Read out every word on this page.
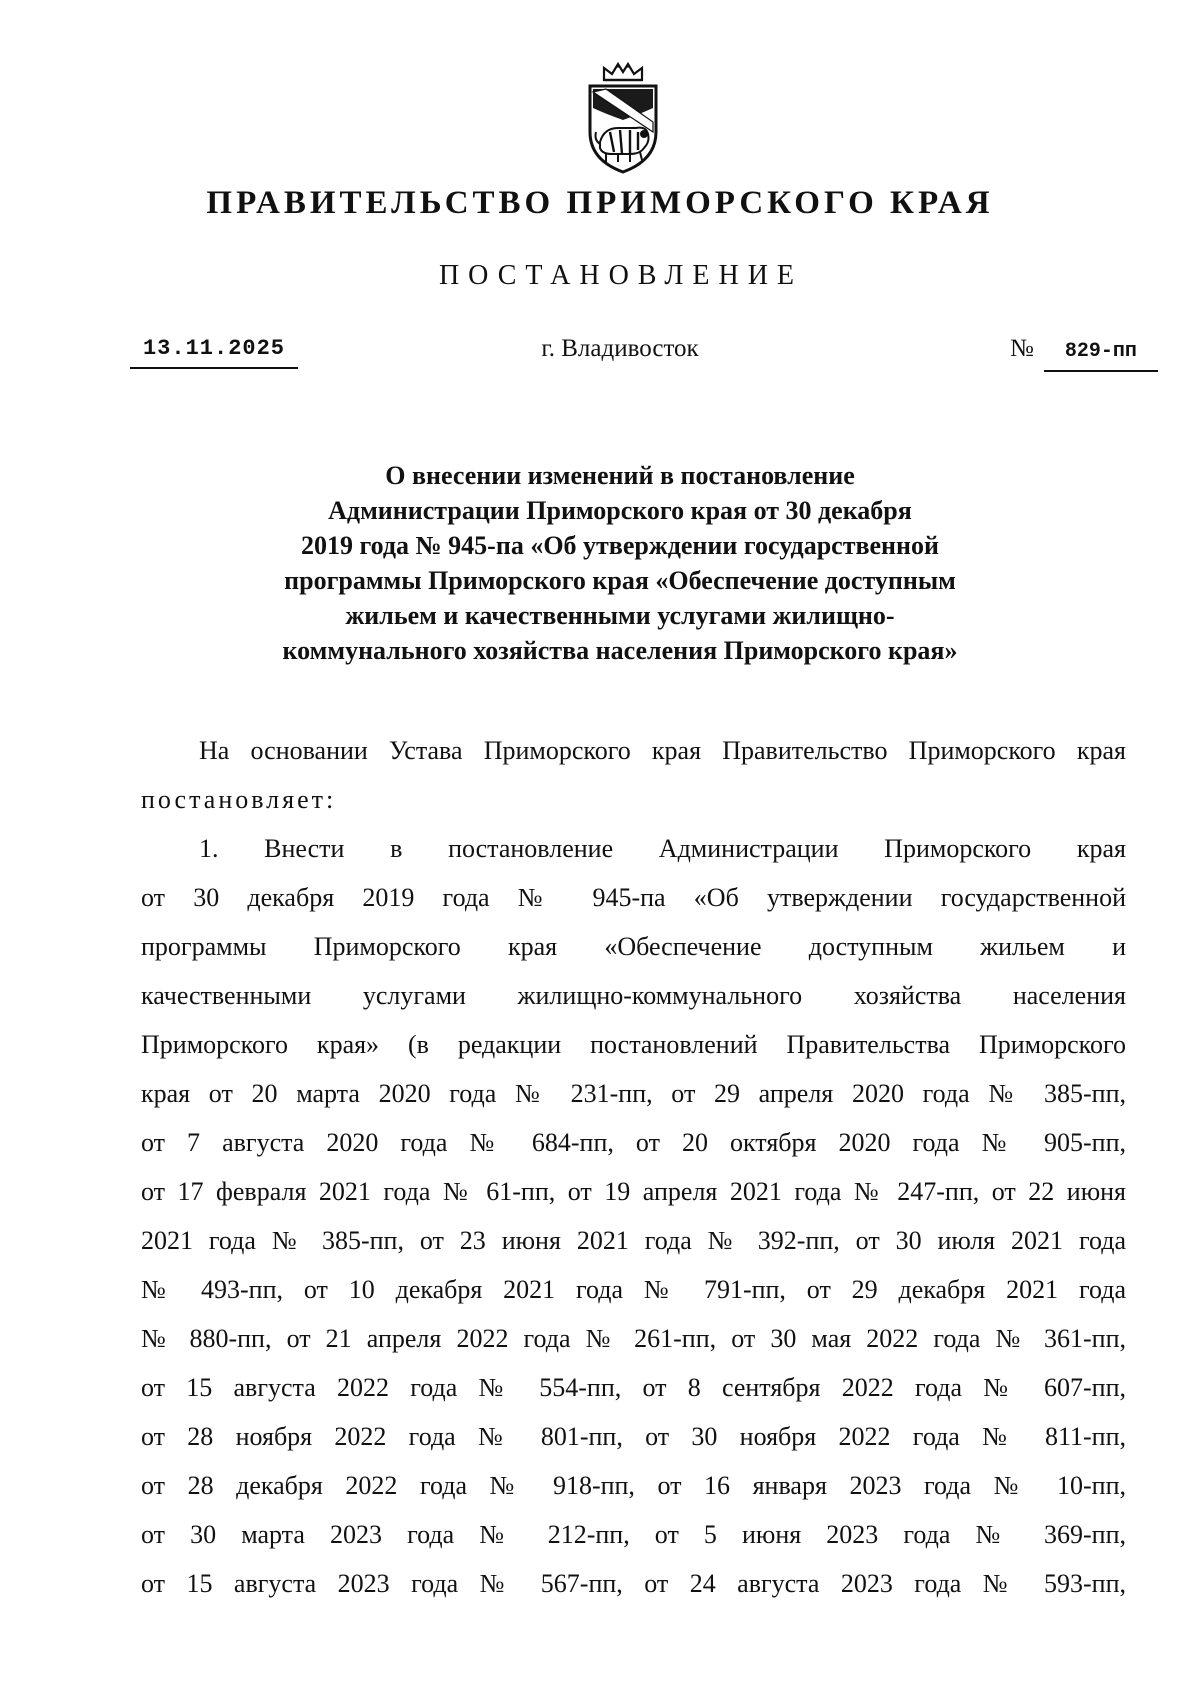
ПРАВИТЕЛЬСТВО ПРИМОРСКОГО КРАЯ
ПОСТАНОВЛЕНИЕ
13.11.2025	г. Владивосток	№ 829-пп
О внесении изменений в постановление
Администрации Приморского края от 30 декабря
2019 года № 945-па «Об утверждении государственной
программы Приморского края «Обеспечение доступным
жильем и качественными услугами жилищно-
коммунального хозяйства населения Приморского края»
На основании Устава Приморского края Правительство Приморского края
постановляет:
1. Внести в постановление Администрации Приморского края
от 30 декабря 2019 года № 945-па «Об утверждении государственной
программы Приморского края «Обеспечение доступным жильем и
качественными услугами жилищно-коммунального хозяйства населения
Приморского края» (в редакции постановлений Правительства Приморского
края от 20 марта 2020 года № 231-пп, от 29 апреля 2020 года № 385-пп,
от 7 августа 2020 года № 684-пп, от 20 октября 2020 года № 905-пп,
от 17 февраля 2021 года № 61-пп, от 19 апреля 2021 года № 247-пп, от 22 июня
2021 года № 385-пп, от 23 июня 2021 года № 392-пп, от 30 июля 2021 года
№ 493-пп, от 10 декабря 2021 года № 791-пп, от 29 декабря 2021 года
№ 880-пп, от 21 апреля 2022 года № 261-пп, от 30 мая 2022 года № 361-пп,
от 15 августа 2022 года № 554-пп, от 8 сентября 2022 года № 607-пп,
от 28 ноября 2022 года № 801-пп, от 30 ноября 2022 года № 811-пп,
от 28 декабря 2022 года № 918-пп, от 16 января 2023 года № 10-пп,
от 30 марта 2023 года № 212-пп, от 5 июня 2023 года № 369-пп,
от 15 августа 2023 года № 567-пп, от 24 августа 2023 года № 593-пп,
